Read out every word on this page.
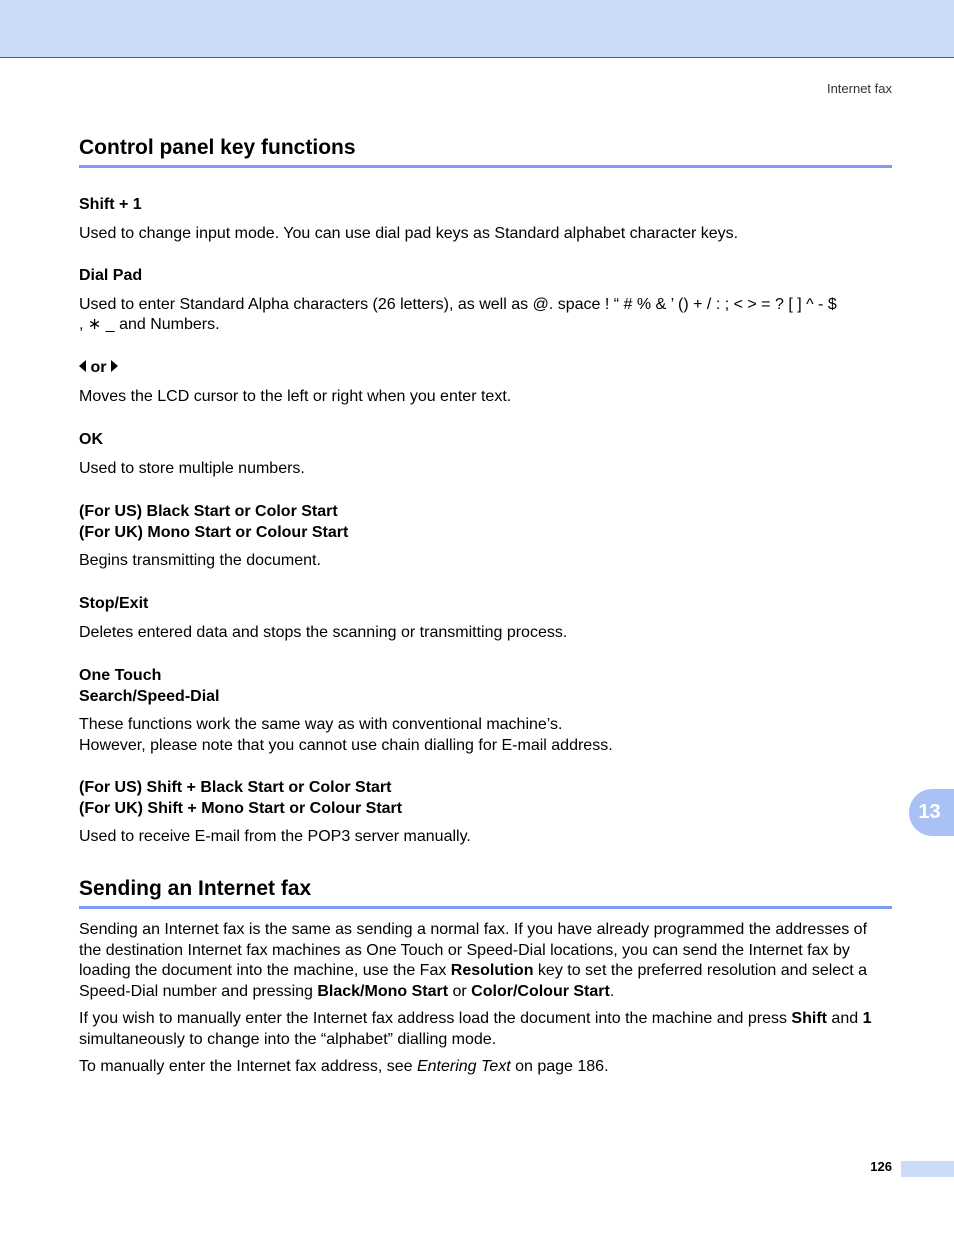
Internet fax
Control panel key functions
Shift + 1
Used to change input mode. You can use dial pad keys as Standard alphabet character keys.
Dial Pad
Used to enter Standard Alpha characters (26 letters), as well as @. space ! “ # % & ’ () + / : ; < > = ? [ ] ^ - $
, ∗ _ and Numbers.
or
Moves the LCD cursor to the left or right when you enter text.
OK
Used to store multiple numbers.
(For US) Black Start or Color Start
(For UK) Mono Start or Colour Start
Begins transmitting the document.
Stop/Exit
Deletes entered data and stops the scanning or transmitting process.
One Touch
Search/Speed-Dial
These functions work the same way as with conventional machine’s.
However, please note that you cannot use chain dialling for E-mail address.
(For US) Shift + Black Start or Color Start
(For UK) Shift + Mono Start or Colour Start
Used to receive E-mail from the POP3 server manually.
Sending an Internet fax
Sending an Internet fax is the same as sending a normal fax. If you have already programmed the addresses of the destination Internet fax machines as One Touch or Speed-Dial locations, you can send the Internet fax by loading the document into the machine, use the Fax Resolution key to set the preferred resolution and select a Speed-Dial number and pressing Black/Mono Start or Color/Colour Start.
If you wish to manually enter the Internet fax address load the document into the machine and press Shift and 1 simultaneously to change into the “alphabet” dialling mode.
To manually enter the Internet fax address, see Entering Text on page 186.
13
126
